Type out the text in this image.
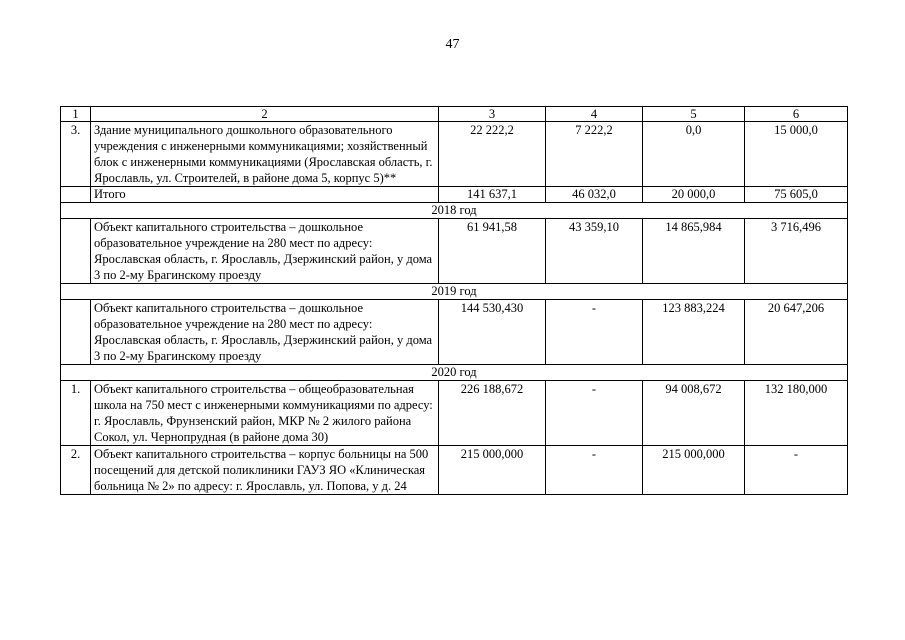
47
1	2	3	4	5	6
3.	Здание муниципального дошкольного образовательного учреждения с инженерными коммуникациями; хозяйственный блок с инженерными коммуникациями (Ярославская область, г. Ярославль, ул. Строителей, в районе дома 5, корпус 5)**	22 222,2	7 222,2	0,0	15 000,0
	Итого	141 637,1	46 032,0	20 000,0	75 605,0
2018 год					
	Объект капитального строительства – дошкольное образовательное учреждение на 280 мест по адресу: Ярославская область, г. Ярославль, Дзержинский район, у дома 3 по 2-му Брагинскому проезду	61 941,58	43 359,10	14 865,984	3 716,496
2019 год					
	Объект капитального строительства – дошкольное образовательное учреждение на 280 мест по адресу: Ярославская область, г. Ярославль, Дзержинский район, у дома 3 по 2-му Брагинскому проезду	144 530,430	-	123 883,224	20 647,206
2020 год					
1.	Объект капитального строительства – общеобразовательная школа на 750 мест с инженерными коммуникациями по адресу: г. Ярославль, Фрунзенский район, МКР № 2 жилого района Сокол, ул. Чернопрудная (в районе дома 30)	226 188,672	-	94 008,672	132 180,000
2.	Объект капитального строительства – корпус больницы на 500 посещений для детской поликлиники ГАУЗ ЯО «Клиническая больница № 2» по адресу: г. Ярославль, ул. Попова, у д. 24	215 000,000	-	215 000,000	-
